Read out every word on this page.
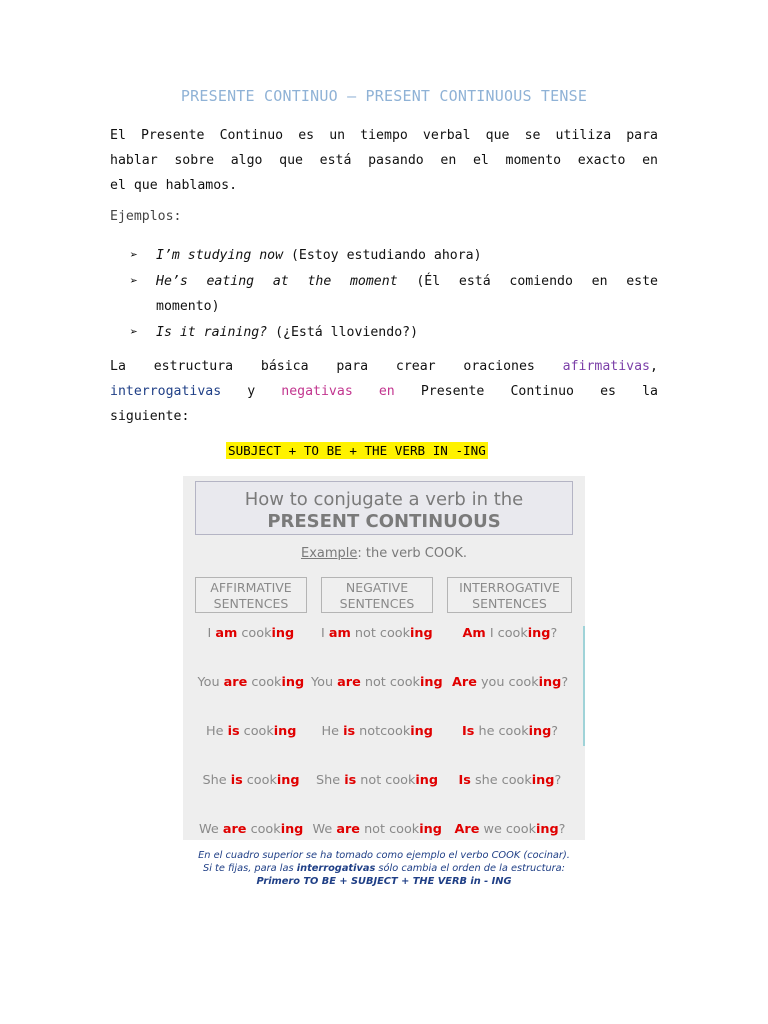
PRESENTE CONTINUO – PRESENT CONTINUOUS TENSE
El Presente Continuo es un tiempo verbal que se utiliza para
hablar sobre algo que está pasando en el momento exacto en
el que hablamos.
Ejemplos:
➢ I’m studying now (Estoy estudiando ahora)
➢ He’s eating at the moment (Él está comiendo en este
momento)
➢ Is it raining? (¿Está lloviendo?)
La estructura básica para crear oraciones afirmativas,
interrogativas y negativas en Presente Continuo es la
siguiente:
SUBJECT + TO BE + THE VERB IN -ING
How to conjugate a verb in the
PRESENT CONTINUOUS
Example: the verb COOK.
AFFIRMATIVE
SENTENCES
NEGATIVE
SENTENCES
INTERROGATIVE
SENTENCES
I am cooking I am not cooking Am I cooking?
You are cooking You are not cooking Are you cooking?
He is cooking He is notcooking Is he cooking?
She is cooking She is not cooking Is she cooking?
We are cooking We are not cooking Are we cooking?
En el cuadro superior se ha tomado como ejemplo el verbo COOK (cocinar).
Si te fijas, para las interrogativas sólo cambia el orden de la estructura:
Primero TO BE + SUBJECT + THE VERB in - ING
